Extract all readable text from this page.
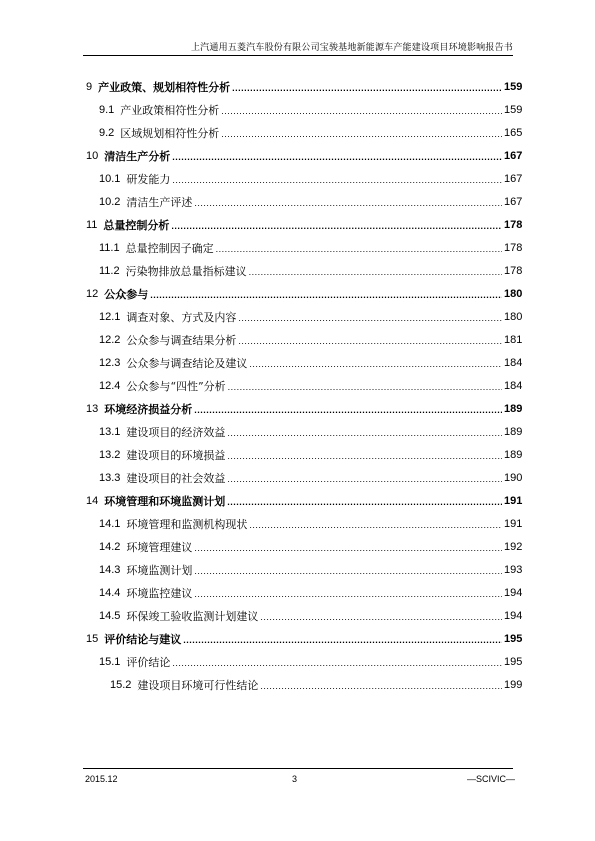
上汽通用五菱汽车股份有限公司宝骏基地新能源车产能建设项目环境影响报告书
9 产业政策、规划相符性分析 .....	159
9.1 产业政策相符性分析 .....	159
9.2 区域规划相符性分析 .....	165
10 清洁生产分析 .....	167
10.1 研发能力 .....	167
10.2 清洁生产评述 .....	167
11 总量控制分析 .....	178
11.1 总量控制因子确定 .....	178
11.2 污染物排放总量指标建议 .....	178
12 公众参与 .....	180
12.1 调查对象、方式及内容 .....	180
12.2 公众参与调查结果分析 .....	181
12.3 公众参与调查结论及建议 .....	184
12.4 公众参与“四性”分析 .....	184
13 环境经济损益分析 .....	189
13.1 建设项目的经济效益 .....	189
13.2 建设项目的环境损益 .....	189
13.3 建设项目的社会效益 .....	190
14 环境管理和环境监测计划 .....	191
14.1 环境管理和监测机构现状 .....	191
14.2 环境管理建议 .....	192
14.3 环境监测计划 .....	193
14.4 环境监控建议 .....	194
14.5 环保竣工验收监测计划建议 .....	194
15 评价结论与建议 .....	195
15.1 评价结论 .....	195
15.2 建设项目环境可行性结论 .....	199
2015.12	3	—SCIVIC—
